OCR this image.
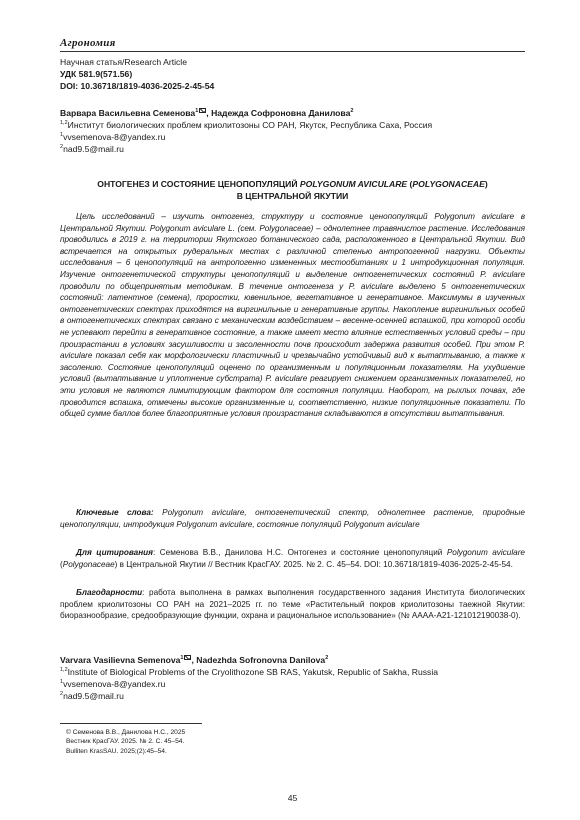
Агрономия
Научная статья/Research Article
УДК 581.9(571.56)
DOI: 10.36718/1819-4036-2025-2-45-54
Варвара Васильевна Семенова$^1$ , Надежда Софроновна Данилова$^2$
$^{1,2}$Институт биологических проблем криолитозоны СО РАН, Якутск, Республика Саха, Россия
$^1$vvsemenova-8@yandex.ru
$^2$nad9.5@mail.ru
ОНТОГЕНЕЗ И СОСТОЯНИЕ ЦЕНОПОПУЛЯЦИЙ POLYGONUM AVICULARE (POLYGONACEAE)
В ЦЕНТРАЛЬНОЙ ЯКУТИИ

Цель исследований – изучить онтогенез, структуру и состояние ценопопуляций Polygonum aviculare в Центральной Якутии. Polygonum aviculare L. (сем. Polygonaceae) – однолетнее травянистое растение. Исследования проводились в 2019 г. на территории Якутского ботанического сада, расположенного в Центральной Якутии. Вид встречается на открытых рудеральных местах с различной степенью антропогенной нагрузки. Объекты исследования – 6 ценопопуляций на антропогенно измененных местообитаниях и 1 интродукционная популяция. Изучение онтогенетической структуры ценопопуляций и выделение онтогенетических состояний P. aviculare проводили по общепринятым методикам. В течение онтогенеза у P. aviculare выделено 5 онтогенетических состояний: латентное (семена), проростки, ювенильное, вегетативное и генеративное. Максимумы в изученных онтогенетических спектрах приходятся на виргинильные и генеративные группы. Накопление виргинильных особей в онтогенетических спектрах связано с механическим воздействием – весенне-осенней вспашкой, при которой особи не успевают перейти в генеративное состояние, а также имеет место влияние естественных условий среды – при произрастании в условиях засушливости и засоленности почв происходит задержка развития особей. При этом P. aviculare показал себя как морфологически пластичный и чрезвычайно устойчивый вид к вытаптыванию, а также к засолению. Состояние ценопопуляций оценено по организменным и популяционным показателям. На ухудшение условий (вытаптывание и уплотнение субстрата) P. aviculare реагирует снижением организменных показателей, но эти условия не являются лимитирующим фактором для состояния популяции. Наоборот, на рыхлых почвах, где проводится вспашка, отмечены высокие организменные и, соответственно, низкие популяционные показатели. По общей сумме баллов более благоприятные условия произрастания складываются в отсутствии вытаптывания.

Ключевые слова: Polygonum aviculare, онтогенетический спектр, однолетнее растение, природные ценопопуляции, интродукция Polygonum aviculare, состояние популяций Polygonum aviculare

Для цитирования: Семенова В.В., Данилова Н.С. Онтогенез и состояние ценопопуляций Polygonum aviculare (Polygonaceae) в Центральной Якутии // Вестник КрасГАУ. 2025. № 2. С. 45–54. DOI: 10.36718/1819-4036-2025-2-45-54.

Благодарности: работа выполнена в рамках выполнения государственного задания Института биологических проблем криолитозоны СО РАН на 2021–2025 гг. по теме «Растительный покров криолитозоны таежной Якутии: биоразнообразие, средообразующие функции, охрана и рациональное использование» (№ АААА-А21-121012190038-0).

Varvara Vasilievna Semenova$^1$ , Nadezhda Sofronovna Danilova$^2$
$^{1,2}$Institute of Biological Problems of the Cryolithozone SB RAS, Yakutsk, Republic of Sakha, Russia
$^1$vvsemenova-8@yandex.ru
$^2$nad9.5@mail.ru
© Семенова В.В., Данилова Н.С., 2025
Вестник КрасГАУ. 2025. № 2. С. 45–54.
Bulliten KrasSAU. 2025;(2):45–54.
45
